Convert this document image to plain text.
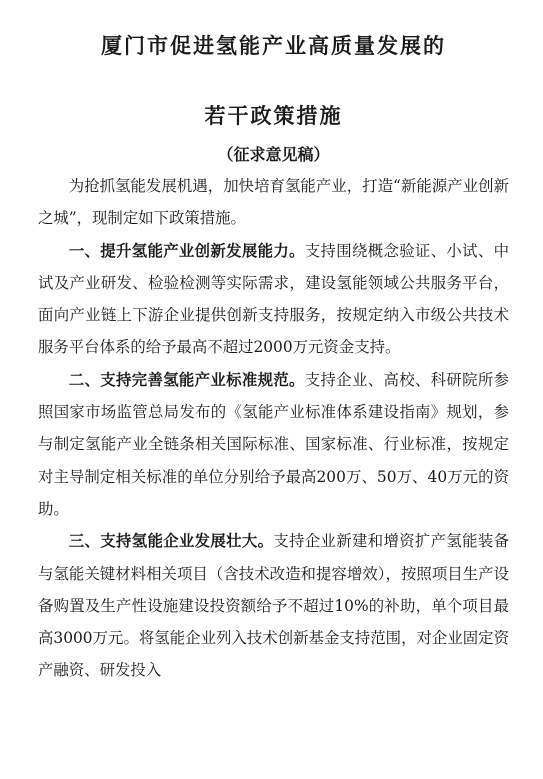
厦门市促进氢能产业高质量发展的
若干政策措施
（征求意见稿）

为抢抓氢能发展机遇，加快培育氢能产业，打造“新能源产业创新之城”，现制定如下政策措施。

一、提升氢能产业创新发展能力。支持围绕概念验证、小试、中试及产业研发、检验检测等实际需求，建设氢能领域公共服务平台，面向产业链上下游企业提供创新支持服务，按规定纳入市级公共技术服务平台体系的给予最高不超过2000万元资金支持。

二、支持完善氢能产业标准规范。支持企业、高校、科研院所参照国家市场监管总局发布的《氢能产业标准体系建设指南》规划，参与制定氢能产业全链条相关国际标准、国家标准、行业标准，按规定对主导制定相关标准的单位分别给予最高200万、50万、40万元的资助。

三、支持氢能企业发展壮大。支持企业新建和增资扩产氢能装备与氢能关键材料相关项目（含技术改造和提容增效），按照项目生产设备购置及生产性设施建设投资额给予不超过10%的补助，单个项目最高3000万元。将氢能企业列入技术创新基金支持范围，对企业固定资产融资、研发投入
